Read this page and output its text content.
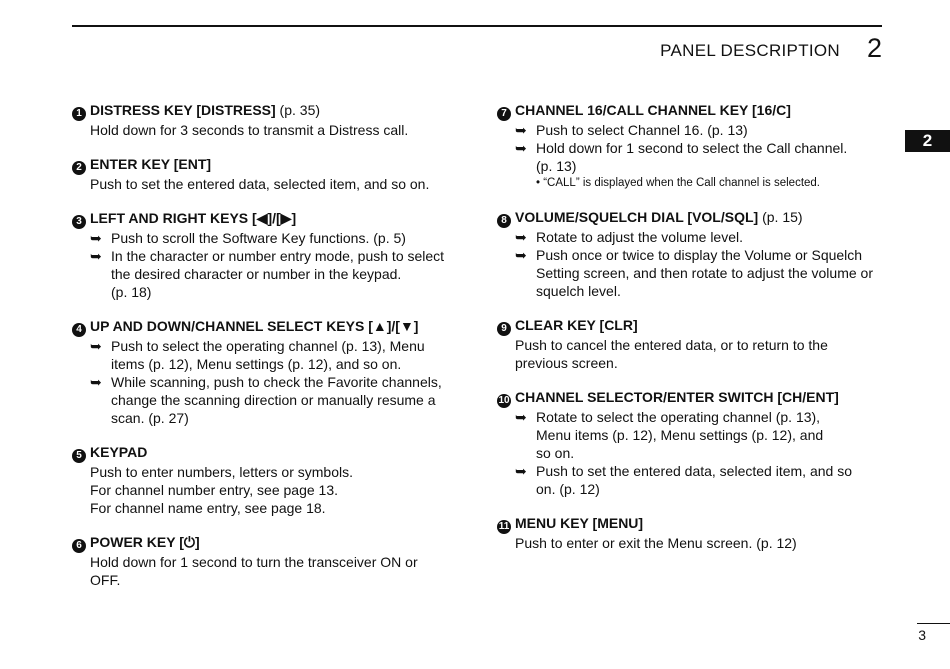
PANEL DESCRIPTION 2
2
1 DISTRESS KEY [DISTRESS] (p. 35)
Hold down for 3 seconds to transmit a Distress call.
2 ENTER KEY [ENT]
Push to set the entered data, selected item, and so on.
3 LEFT AND RIGHT KEYS [◀]/[▶]
➥ Push to scroll the Software Key functions. (p. 5)
➥ In the character or number entry mode, push to select
the desired character or number in the keypad.
(p. 18)
4 UP AND DOWN/CHANNEL SELECT KEYS [▲]/[▼]
➥ Push to select the operating channel (p. 13), Menu
items (p. 12), Menu settings (p. 12), and so on.
➥ While scanning, push to check the Favorite channels,
change the scanning direction or manually resume a
scan. (p. 27)
5 KEYPAD
Push to enter numbers, letters or symbols.
For channel number entry, see page 13.
For channel name entry, see page 18.
6 POWER KEY [⏻]
Hold down for 1 second to turn the transceiver ON or
OFF.
7 CHANNEL 16/CALL CHANNEL KEY [16/C]
➥ Push to select Channel 16. (p. 13)
➥ Hold down for 1 second to select the Call channel.
(p. 13)
• “CALL” is displayed when the Call channel is selected.
8 VOLUME/SQUELCH DIAL [VOL/SQL] (p. 15)
➥ Rotate to adjust the volume level.
➥ Push once or twice to display the Volume or Squelch
Setting screen, and then rotate to adjust the volume or
squelch level.
9 CLEAR KEY [CLR]
Push to cancel the entered data, or to return to the
previous screen.
10 CHANNEL SELECTOR/ENTER SWITCH [CH/ENT]
➥ Rotate to select the operating channel (p. 13),
Menu items (p. 12), Menu settings (p. 12), and
so on.
➥ Push to set the entered data, selected item, and so
on. (p. 12)
11 MENU KEY [MENU]
Push to enter or exit the Menu screen. (p. 12)
3
